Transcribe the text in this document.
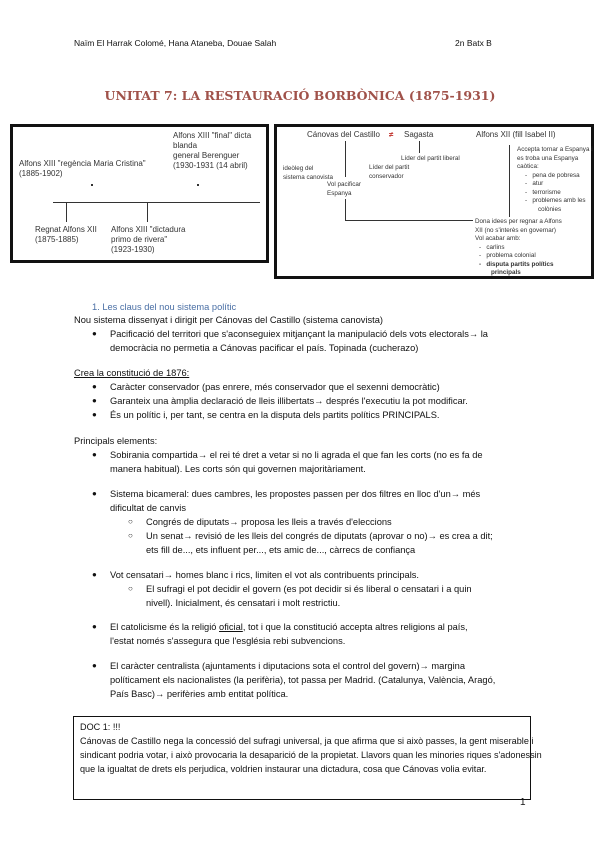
Naïm El Harrak Colomé, Hana Ataneba, Douae Salah	2n Batx B
UNITAT 7: LA RESTAURACIÓ BORBÒNICA (1875-1931)
Alfons XIII "regència Maria Cristina"
(1885-1902)
Alfons XIII "final" dicta
blanda
general Berenguer
(1930-1931 (14 abril)
Regnat Alfons XII
(1875-1885)
Alfons XIII "dictadura
primo de rivera"
(1923-1930)
Cánovas del Castillo ≠ Sagasta	Alfons XII (fill Isabel II)
ideòleg del
sistema canovista
Vol pacificar
Espanya
Líder del partit
conservador
Líder del partit liberal
Accepta tornar a Espanya i
es troba una Espanya
caòtica:
-   pena de pobresa
-   atur
-   terrorisme
-   problemes amb les
colònies
Dona idees per regnar a Alfons
XII (no s'interès en governar)
Vol acabar amb:
-   carlins
-   problema colonial
-   disputa partits polítics
principals
1. Les claus del nou sistema polític
Nou sistema dissenyat i dirigit per Cánovas del Castillo (sistema canovista)
● Pacificació del territori que s'aconseguiex mitjançant la manipulació dels vots electorals→ la
democràcia no permetia a Cánovas pacificar el país. Topinada (cucherazo)
Crea la constitució de 1876:
● Caràcter conservador (pas enrere, més conservador que el sexenni democràtic)
● Garanteix una àmplia declaració de lleis illibertats→ després l'executiu la pot modificar.
● És un polític i, per tant, se centra en la disputa dels partits polítics PRINCIPALS.
Principals elements:
● Sobirania compartida→ el rei té dret a vetar si no li agrada el que fan les corts (no es fa de
manera habitual). Les corts són qui governen majoritàriament.
● Sistema bicameral: dues cambres, les propostes passen per dos filtres en lloc d'un→ més
dificultat de canvis
○ Congrés de diputats→ proposa les lleis a través d'eleccions
○ Un senat→ revisió de les lleis del congrés de diputats (aprovar o no)→ es crea a dit;
ets fill de..., ets influent per..., ets amic de..., càrrecs de confiança
● Vot censatari→ homes blanc i rics, limiten el vot als contribuents principals.
○ El sufragi el pot decidir el govern (es pot decidir si és liberal o censatari i a quin
nivell). Inicialment, és censatari i molt restrictiu.
● El catolicisme és la religió oficial, tot i que la constitució accepta altres religions al país,
l'estat només s'assegura que l'església rebi subvencions.
● El caràcter centralista (ajuntaments i diputacions sota el control del govern)→ margina
políticament els nacionalistes (la perifèria), tot passa per Madrid. (Catalunya, València, Aragó,
País Basc)→ perifèries amb entitat política.
DOC 1: !!!
Cánovas de Castillo nega la concessió del sufragi universal, ja que afirma que si això passes, la gent miserable i
sindicant podria votar, i això provocaria la desaparició de la propietat. Llavors quan les minories riques s'adonessin
que la igualtat de drets els perjudica, voldrien instaurar una dictadura, cosa que Cánovas volia evitar.
1
